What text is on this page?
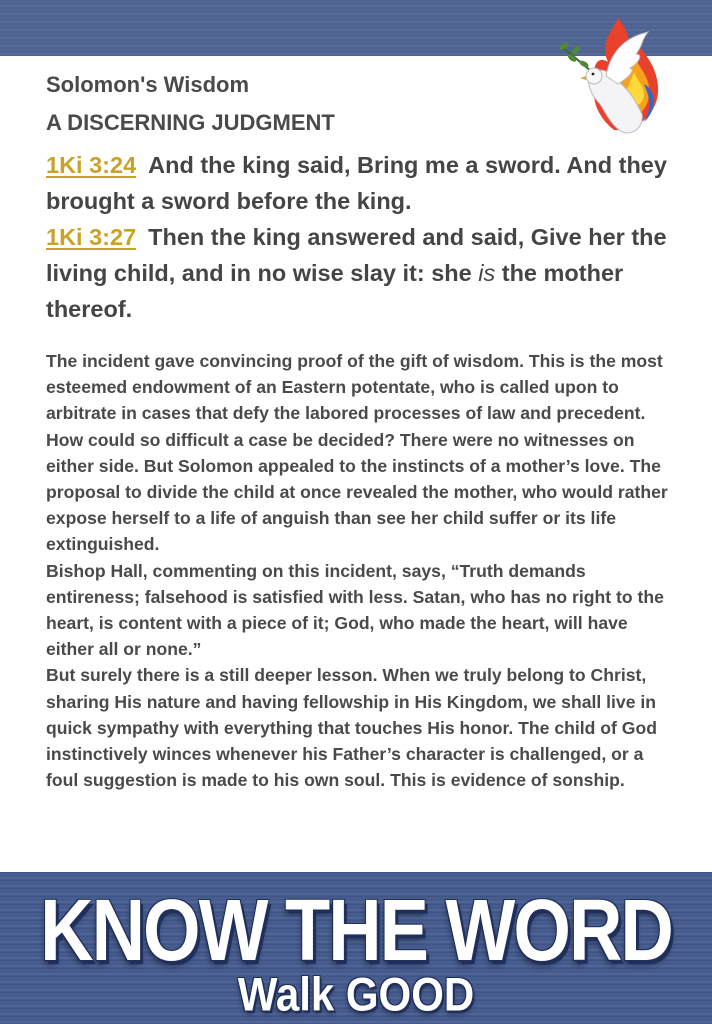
Solomon's Wisdom
A DISCERNING JUDGMENT
1Ki 3:24 And the king said, Bring me a sword. And they brought a sword before the king.
1Ki 3:27 Then the king answered and said, Give her the living child, and in no wise slay it: she is the mother thereof.

The incident gave convincing proof of the gift of wisdom. This is the most esteemed endowment of an Eastern potentate, who is called upon to arbitrate in cases that defy the labored processes of law and precedent. How could so difficult a case be decided? There were no witnesses on either side. But Solomon appealed to the instincts of a mother’s love. The proposal to divide the child at once revealed the mother, who would rather expose herself to a life of anguish than see her child suffer or its life extinguished.

Bishop Hall, commenting on this incident, says, “Truth demands entireness; falsehood is satisfied with less. Satan, who has no right to the heart, is content with a piece of it; God, who made the heart, will have either all or none.”

But surely there is a still deeper lesson. When we truly belong to Christ, sharing His nature and having fellowship in His Kingdom, we shall live in quick sympathy with everything that touches His honor. The child of God instinctively winces whenever his Father’s character is challenged, or a foul suggestion is made to his own soul. This is evidence of sonship.

KNOW THE WORD
Walk GOOD
